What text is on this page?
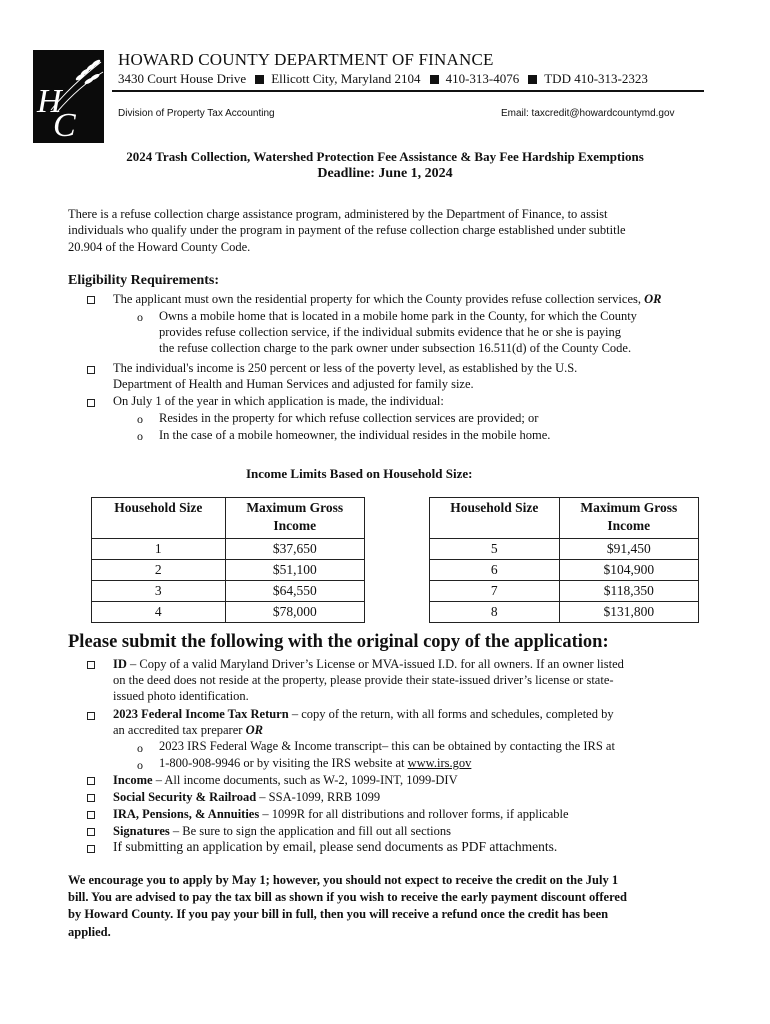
H
C
HOWARD COUNTY DEPARTMENT OF FINANCE
3430 Court House Drive Ellicott City, Maryland 2104 410-313-4076 TDD 410-313-2323
Division of Property Tax Accounting	Email: taxcredit@howardcountymd.gov
2024 Trash Collection, Watershed Protection Fee Assistance & Bay Fee Hardship Exemptions
Deadline: June 1, 2024
There is a refuse collection charge assistance program, administered by the Department of Finance, to assist
individuals who qualify under the program in payment of the refuse collection charge established under subtitle
20.904 of the Howard County Code.
Eligibility Requirements:
The applicant must own the residential property for which the County provides refuse collection services, OR
o Owns a mobile home that is located in a mobile home park in the County, for which the County
provides refuse collection service, if the individual submits evidence that he or she is paying
the refuse collection charge to the park owner under subsection 16.511(d) of the County Code.
The individual's income is 250 percent or less of the poverty level, as established by the U.S.
Department of Health and Human Services and adjusted for family size.
On July 1 of the year in which application is made, the individual:
o Resides in the property for which refuse collection services are provided; or
o In the case of a mobile homeowner, the individual resides in the mobile home.
Income Limits Based on Household Size:
Household Size	Maximum Gross
Income

1	$37,650
2	$51,100
3	$64,550
4	$78,000
Household Size	Maximum Gross
Income

5	$91,450
6	$104,900
7	$118,350
8	$131,800
Please submit the following with the original copy of the application:
ID – Copy of a valid Maryland Driver’s License or MVA-issued I.D. for all owners. If an owner listed
on the deed does not reside at the property, please provide their state-issued driver’s license or state-
issued photo identification.
2023 Federal Income Tax Return – copy of the return, with all forms and schedules, completed by
an accredited tax preparer OR
o 2023 IRS Federal Wage & Income transcript– this can be obtained by contacting the IRS at
o 1-800-908-9946 or by visiting the IRS website at www.irs.gov
Income – All income documents, such as W-2, 1099-INT, 1099-DIV
Social Security & Railroad – SSA-1099, RRB 1099
IRA, Pensions, & Annuities – 1099R for all distributions and rollover forms, if applicable
Signatures – Be sure to sign the application and fill out all sections
If submitting an application by email, please send documents as PDF attachments.
We encourage you to apply by May 1; however, you should not expect to receive the credit on the July 1
bill. You are advised to pay the tax bill as shown if you wish to receive the early payment discount offered
by Howard County. If you pay your bill in full, then you will receive a refund once the credit has been
applied.
